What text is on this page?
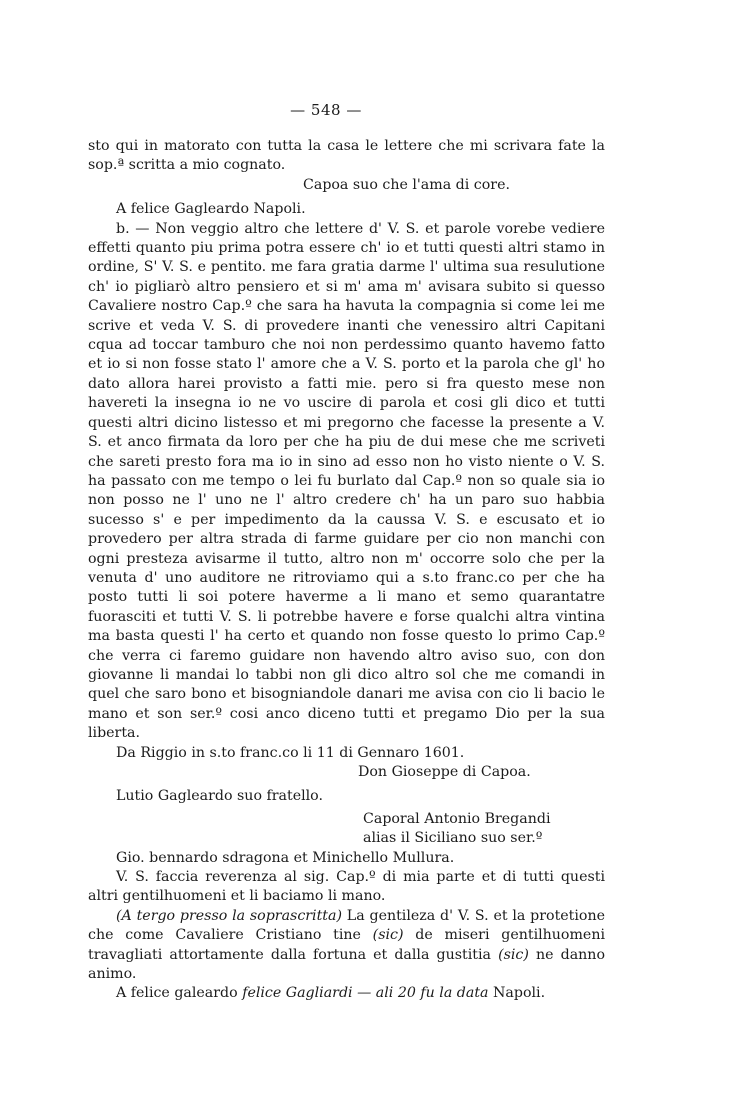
— 548 —

sto qui in matorato con tutta la casa le lettere che mi scrivara fate la sop.ª scritta a mio cognato.

Capoa suo che l'ama di core.

A felice Gagleardo Napoli.

b. — Non veggio altro che lettere d' V. S. et parole vorebe vediere effetti quanto piu prima potra essere ch' io et tutti questi altri stamo in ordine, S' V. S. e pentito. me fara gratia darme l' ultima sua resulutione ch' io pigliarò altro pensiero et si m' ama m' avisara subito si quesso Cavaliere nostro Cap.º che sara ha havuta la compagnia si come lei me scrive et veda V. S. di provedere inanti che venessiro altri Capitani cqua ad toccar tamburo che noi non perdessimo quanto havemo fatto et io si non fosse stato l' amore che a V. S. porto et la parola che gl' ho dato allora harei provisto a fatti mie. pero si fra questo mese non havereti la insegna io ne vo uscire di parola et cosi gli dico et tutti questi altri dicino listesso et mi pregorno che facesse la presente a V. S. et anco firmata da loro per che ha piu de dui mese che me scriveti che sareti presto fora ma io in sino ad esso non ho visto niente o V. S. ha passato con me tempo o lei fu burlato dal Cap.º non so quale sia io non posso ne l' uno ne l' altro credere ch' ha un paro suo habbia sucesso s' e per impedimento da la caussa V. S. e escusato et io provedero per altra strada di farme guidare per cio non manchi con ogni presteza avisarme il tutto, altro non m' occorre solo che per la venuta d' uno auditore ne ritroviamo qui a s.to franc.co per che ha posto tutti li soi potere haverme a li mano et semo quarantatre fuorasciti et tutti V. S. li potrebbe havere e forse qualchi altra vintina ma basta questi l' ha certo et quando non fosse questo lo primo Cap.º che verra ci faremo guidare non havendo altro aviso suo, con don giovanne li mandai lo tabbi non gli dico altro sol che me comandi in quel che saro bono et bisogniandole danari me avisa con cio li bacio le mano et son ser.º cosi anco diceno tutti et pregamo Dio per la sua liberta.

Da Riggio in s.to franc.co li 11 di Gennaro 1601.

Don Gioseppe di Capoa.

Lutio Gagleardo suo fratello.

Caporal Antonio Bregandi

alias il Siciliano suo ser.º

Gio. bennardo sdragona et Minichello Mullura.

V. S. faccia reverenza al sig. Cap.º di mia parte et di tutti questi altri gentilhuomeni et li baciamo li mano.

(A tergo presso la soprascritta) La gentileza d' V. S. et la protetione che come Cavaliere Cristiano tine (sic) de miseri gentilhuomeni travagliati attortamente dalla fortuna et dalla gustitia (sic) ne danno animo.

A felice galeardo felice Gagliardi — ali 20 fu la data Napoli.
